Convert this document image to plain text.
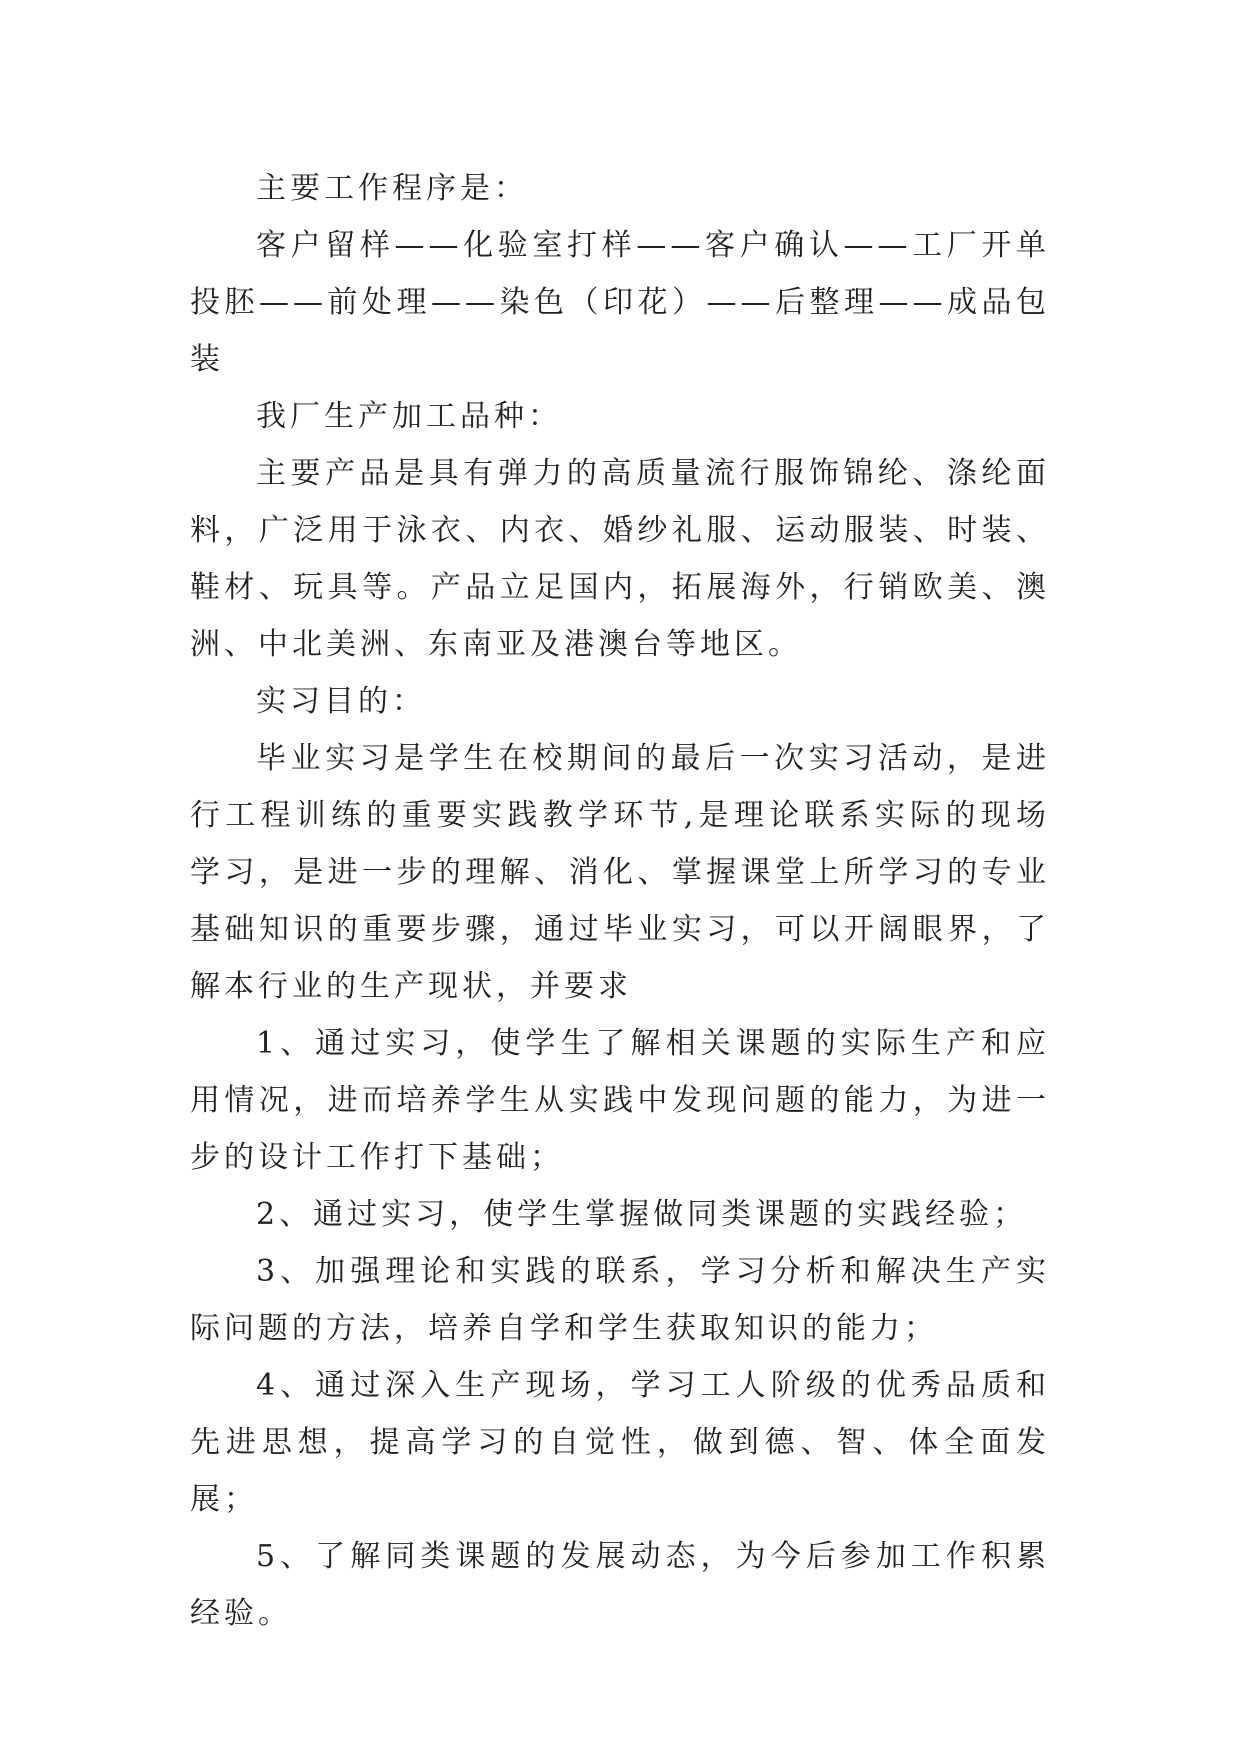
主要工作程序是：

客户留样——化验室打样——客户确认——工厂开单投胚——前处理——染色（印花）——后整理——成品包装

我厂生产加工品种：

主要产品是具有弹力的高质量流行服饰锦纶、涤纶面料，广泛用于泳衣、内衣、婚纱礼服、运动服装、时装、鞋材、玩具等。产品立足国内，拓展海外，行销欧美、澳洲、中北美洲、东南亚及港澳台等地区。

实习目的：

毕业实习是学生在校期间的最后一次实习活动，是进行工程训练的重要实践教学环节,是理论联系实际的现场学习，是进一步的理解、消化、掌握课堂上所学习的专业基础知识的重要步骤，通过毕业实习，可以开阔眼界，了解本行业的生产现状，并要求

1、通过实习，使学生了解相关课题的实际生产和应用情况，进而培养学生从实践中发现问题的能力，为进一步的设计工作打下基础；

2、通过实习，使学生掌握做同类课题的实践经验；

3、加强理论和实践的联系，学习分析和解决生产实际问题的方法，培养自学和学生获取知识的能力；

4、通过深入生产现场，学习工人阶级的优秀品质和先进思想，提高学习的自觉性，做到德、智、体全面发展；

5、了解同类课题的发展动态，为今后参加工作积累经验。
